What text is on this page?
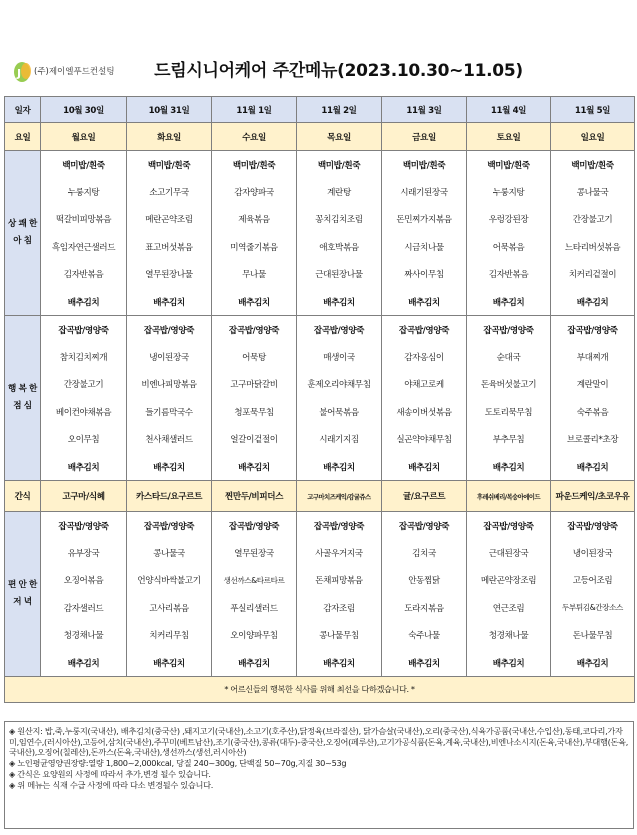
J (주)제이엘푸드컨설팅	드림시니어케어 주간메뉴(2023.10.30~11.05)
일자	10월 30일	10월 31일	11월 1일	11월 2일	11월 3일	11월 4일	11월 5일
요일	월요일	화요일	수요일	목요일	금요일	토요일	일요일
상 쾌 한 아 침	백미밥/흰죽	백미밥/흰죽	백미밥/흰죽	백미밥/흰죽	백미밥/흰죽	백미밥/흰죽	백미밥/흰죽
	누룽지탕	소고기무국	감자양파국	계란탕	시래기된장국	누룽지탕	콩나물국
	떡갈비피망볶음	메란곤약조림	제육볶음	꽁치김치조림	돈민찌가지볶음	우렁강된장	간장불고기
	흑임자연근샐러드	표고버섯볶음	미역줄기볶음	애호박볶음	시금치나물	어묵볶음	느타리버섯볶음
	김자반볶음	열무된장나물	무나물	근대된장나물	짜사이무침	김자반볶음	치커리겉절이
	배추김치	배추김치	배추김치	배추김치	배추김치	배추김치	배추김치
행 복 한 점 심	잡곡밥/영양죽	잡곡밥/영양죽	잡곡밥/영양죽	잡곡밥/영양죽	잡곡밥/영양죽	잡곡밥/영양죽	잡곡밥/영양죽
	참치김치찌개	냉이된장국	어묵탕	매생이국	감자옹심이	순대국	부대찌개
	간장불고기	비엔나피망볶음	고구마닭갈비	훈제오리야채무침	야채고로케	돈육버섯불고기	계란말이
	베이컨야채볶음	들기름막국수	청포묵무침	불어묵볶음	새송이버섯볶음	도토리묵무침	숙주볶음
	오이무침	천사채샐러드	얼갈이겉절이	시래기지짐	실곤약야채무침	부추무침	브로콜리*초장
	배추김치	배추김치	배추김치	배추김치	배추김치	배추김치	배추김치
간식	고구마/식혜	카스타드/요구르트	찐만두/비피더스	고구마치즈케익/감귤쥬스	귤/요구르트	후레쉬베리/복숭아에이드	파운드케익/초코우유
편 안 한 저 녁	잡곡밥/영양죽	잡곡밥/영양죽	잡곡밥/영양죽	잡곡밥/영양죽	잡곡밥/영양죽	잡곡밥/영양죽	잡곡밥/영양죽
	유부장국	콩나물국	열무된장국	사골우거지국	김치국	근대된장국	냉이된장국
	오징어볶음	언양식바싹불고기	생선까스&타르타르	돈채피망볶음	안동찜닭	메란곤약장조림	고등어조림
	감자샐러드	고사리볶음	푸실리샐러드	감자조림	도라지볶음	연근조림	두부튀김&간장소스
	청경채나물	치커리무침	오이양파무침	콩나물무침	숙주나물	청경채나물	돈나물무침
	배추김치	배추김치	배추김치	배추김치	배추김치	배추김치	배추김치
* 어르신들의 행복한 식사를 위해 최선을 다하겠습니다. *							

◈ 원산지: 밥,죽,누룽지(국내산), 배추김치(중국산) ,돼지고기(국내산),소고기(호주산),닭정육(브라질산), 닭가슴살(국내산),오리(중국산),식육가공품(국내산,수입산),동태,코다리,가자미,임연수,(러시아산),고등어,삼치(국내산),주꾸미(베트남산),조기(중국산),콩류(대두)-중국산,오징어(페루산),고기가공식품(돈육,계육,국내산),비엔나소시지(돈육,국내산),부대햄(돈육, 국내산),오징어(칠레산),돈까스(돈육,국내산),생선까스(생선,러시아산)

◈ 노인평균영양권장량:열량 1,800~2,000kcal, 당질 240~300g, 단백질 50~70g,지질 30~53g

◈ 간식은 요양원의 사정에 따라서 추가,변경 될수 있습니다.

◈ 위 메뉴는 식재 수급 사정에 따라 다소 변경될수 있습니다.
